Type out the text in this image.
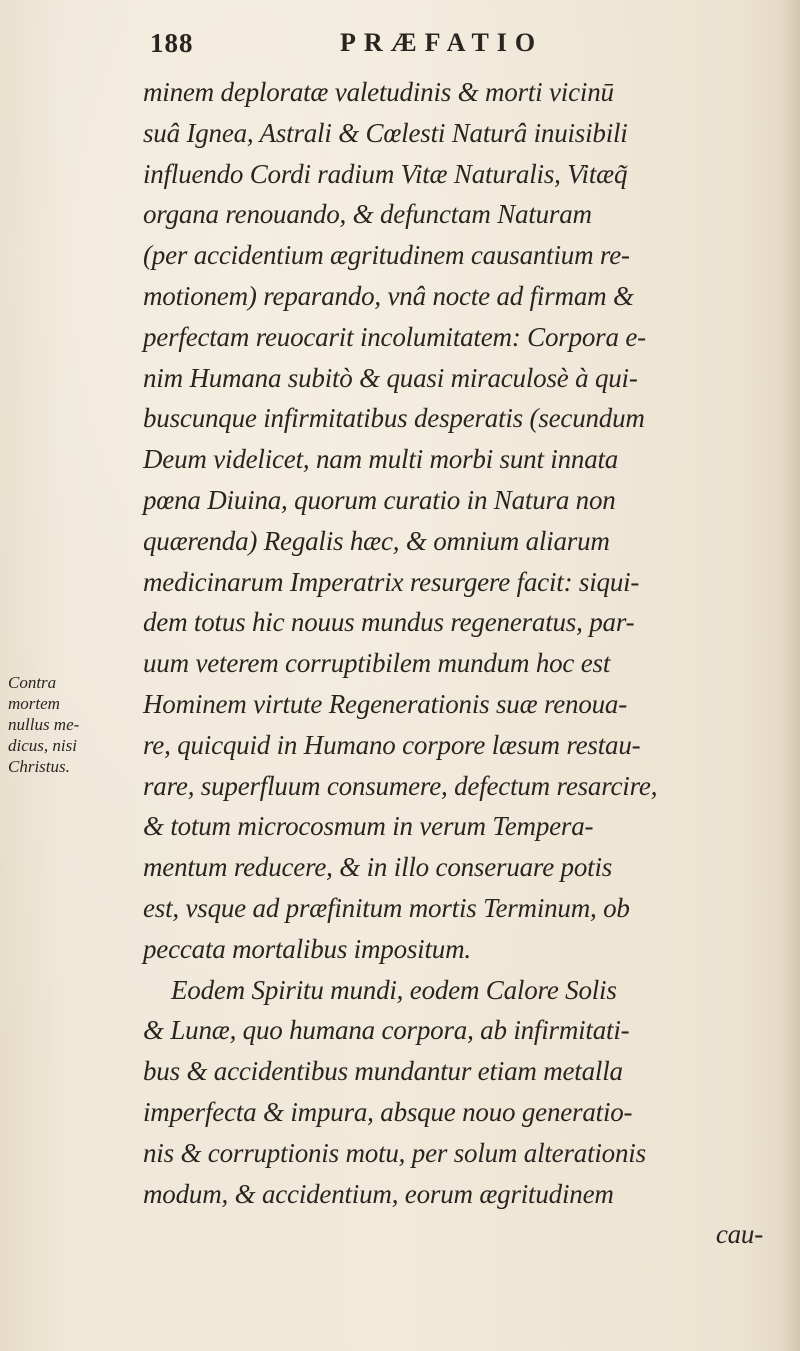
188	PRÆFATIO
Contra
mortem
nullus me-
dicus, nisi
Christus.
minem deploratæ valetudinis & morti vicinū
suâ Ignea, Astrali & Cœlesti Naturâ inuisibili
influendo Cordi radium Vitæ Naturalis, Vitæq̃
organa renouando, & defunctam Naturam
(per accidentium ægritudinem causantium re-
motionem) reparando, vnâ nocte ad firmam &
perfectam reuocarit incolumitatem: Corpora e-
nim Humana subitò & quasi miraculosè à qui-
buscunque infirmitatibus desperatis (secundum
Deum videlicet, nam multi morbi sunt innata
pœna Diuina, quorum curatio in Natura non
quærenda) Regalis hæc, & omnium aliarum
medicinarum Imperatrix resurgere facit: siqui-
dem totus hic nouus mundus regeneratus, par-
uum veterem corruptibilem mundum hoc est
Hominem virtute Regenerationis suæ renoua-
re, quicquid in Humano corpore læsum restau-
rare, superfluum consumere, defectum resarcire,
& totum microcosmum in verum Tempera-
mentum reducere, & in illo conseruare potis
est, vsque ad præfinitum mortis Terminum, ob
peccata mortalibus impositum.
Eodem Spiritu mundi, eodem Calore Solis
& Lunæ, quo humana corpora, ab infirmitati-
bus & accidentibus mundantur etiam metalla
imperfecta & impura, absque nouo generatio-
nis & corruptionis motu, per solum alterationis
modum, & accidentium, eorum ægritudinem
cau-
